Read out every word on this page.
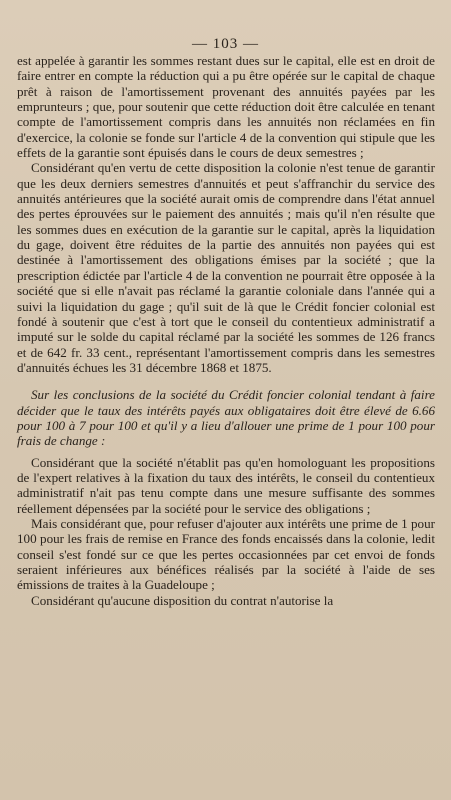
— 103 —

est appelée à garantir les sommes restant dues sur le capital, elle est en droit de faire entrer en compte la réduction qui a pu être opérée sur le capital de chaque prêt à raison de l'amortissement provenant des annuités payées par les emprunteurs ; que, pour soutenir que cette réduction doit être calculée en tenant compte de l'amortissement compris dans les annuités non réclamées en fin d'exercice, la colonie se fonde sur l'article 4 de la convention qui stipule que les effets de la garantie sont épuisés dans le cours de deux semestres ;

Considérant qu'en vertu de cette disposition la colonie n'est tenue de garantir que les deux derniers semestres d'annuités et peut s'affranchir du service des annuités antérieures que la société aurait omis de comprendre dans l'état annuel des pertes éprouvées sur le paiement des annuités ; mais qu'il n'en résulte que les sommes dues en exécution de la garantie sur le capital, après la liquidation du gage, doivent être réduites de la partie des annuités non payées qui est destinée à l'amortissement des obligations émises par la société ; que la prescription édictée par l'article 4 de la convention ne pourrait être opposée à la société que si elle n'avait pas réclamé la garantie coloniale dans l'année qui a suivi la liquidation du gage ; qu'il suit de là que le Crédit foncier colonial est fondé à soutenir que c'est à tort que le conseil du contentieux administratif a imputé sur le solde du capital réclamé par la société les sommes de 126 francs et de 642 fr. 33 cent., représentant l'amortissement compris dans les semestres d'annuités échues les 31 décembre 1868 et 1875.

Sur les conclusions de la société du Crédit foncier colonial tendant à faire décider que le taux des intérêts payés aux obligataires doit être élevé de 6.66 pour 100 à 7 pour 100 et qu'il y a lieu d'allouer une prime de 1 pour 100 pour frais de change :

Considérant que la société n'établit pas qu'en homologuant les propositions de l'expert relatives à la fixation du taux des intérêts, le conseil du contentieux administratif n'ait pas tenu compte dans une mesure suffisante des sommes réellement dépensées par la société pour le service des obligations ;

Mais considérant que, pour refuser d'ajouter aux intérêts une prime de 1 pour 100 pour les frais de remise en France des fonds encaissés dans la colonie, ledit conseil s'est fondé sur ce que les pertes occasionnées par cet envoi de fonds seraient inférieures aux bénéfices réalisés par la société à l'aide de ses émissions de traites à la Guadeloupe ;

Considérant qu'aucune disposition du contrat n'autorise la
